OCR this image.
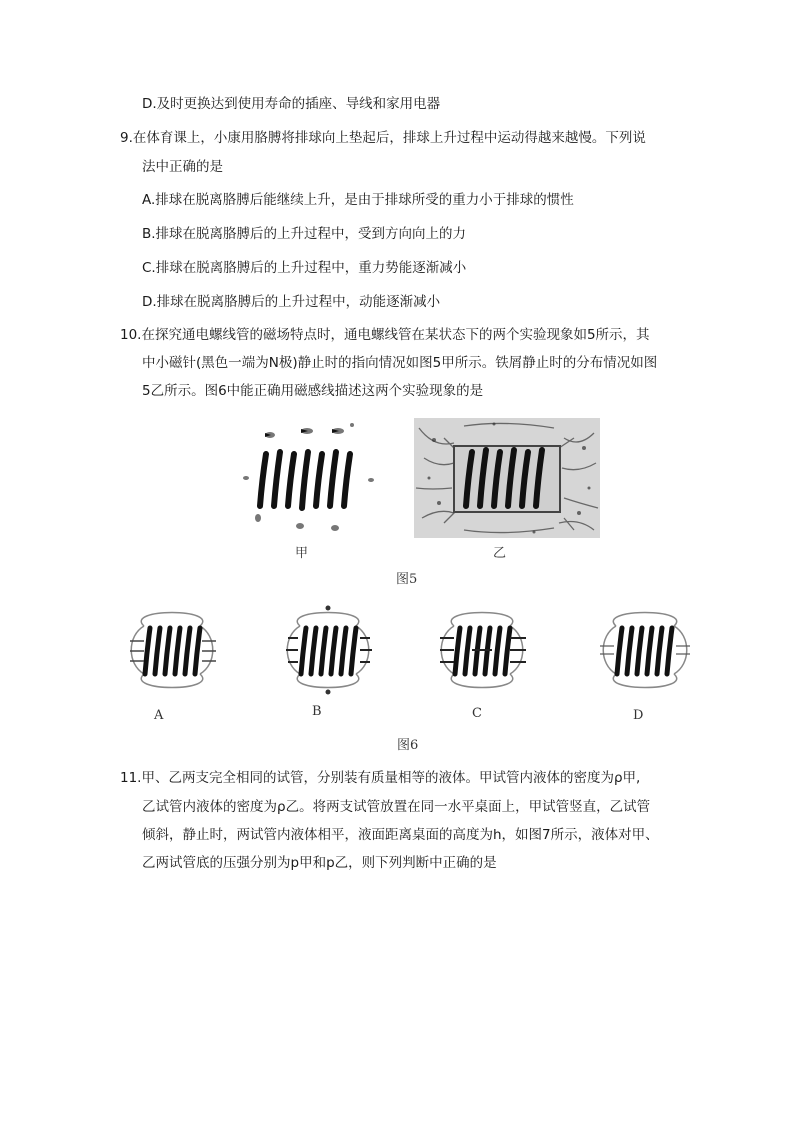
D.及时更换达到使用寿命的插座、导线和家用电器
9.在体育课上，小康用胳膊将排球向上垫起后，排球上升过程中运动得越来越慢。下列说
法中正确的是
A.排球在脱离胳膊后能继续上升，是由于排球所受的重力小于排球的惯性
B.排球在脱离胳膊后的上升过程中，受到方向向上的力
C.排球在脱离胳膊后的上升过程中，重力势能逐渐减小
D.排球在脱离胳膊后的上升过程中，动能逐渐减小
10.在探究通电螺线管的磁场特点时，通电螺线管在某状态下的两个实验现象如5所示，其
中小磁针(黑色一端为N极)静止时的指向情况如图5甲所示。铁屑静止时的分布情况如图
5乙所示。图6中能正确用磁感线描述这两个实验现象的是
甲	乙
图5
A	B	C	D
图6
11.甲、乙两支完全相同的试管，分别装有质量相等的液体。甲试管内液体的密度为ρ甲,
乙试管内液体的密度为ρ乙。将两支试管放置在同一水平桌面上，甲试管竖直，乙试管
倾斜，静止时，两试管内液体相平，液面距离桌面的高度为h，如图7所示，液体对甲、
乙两试管底的压强分别为p甲和p乙，则下列判断中正确的是
